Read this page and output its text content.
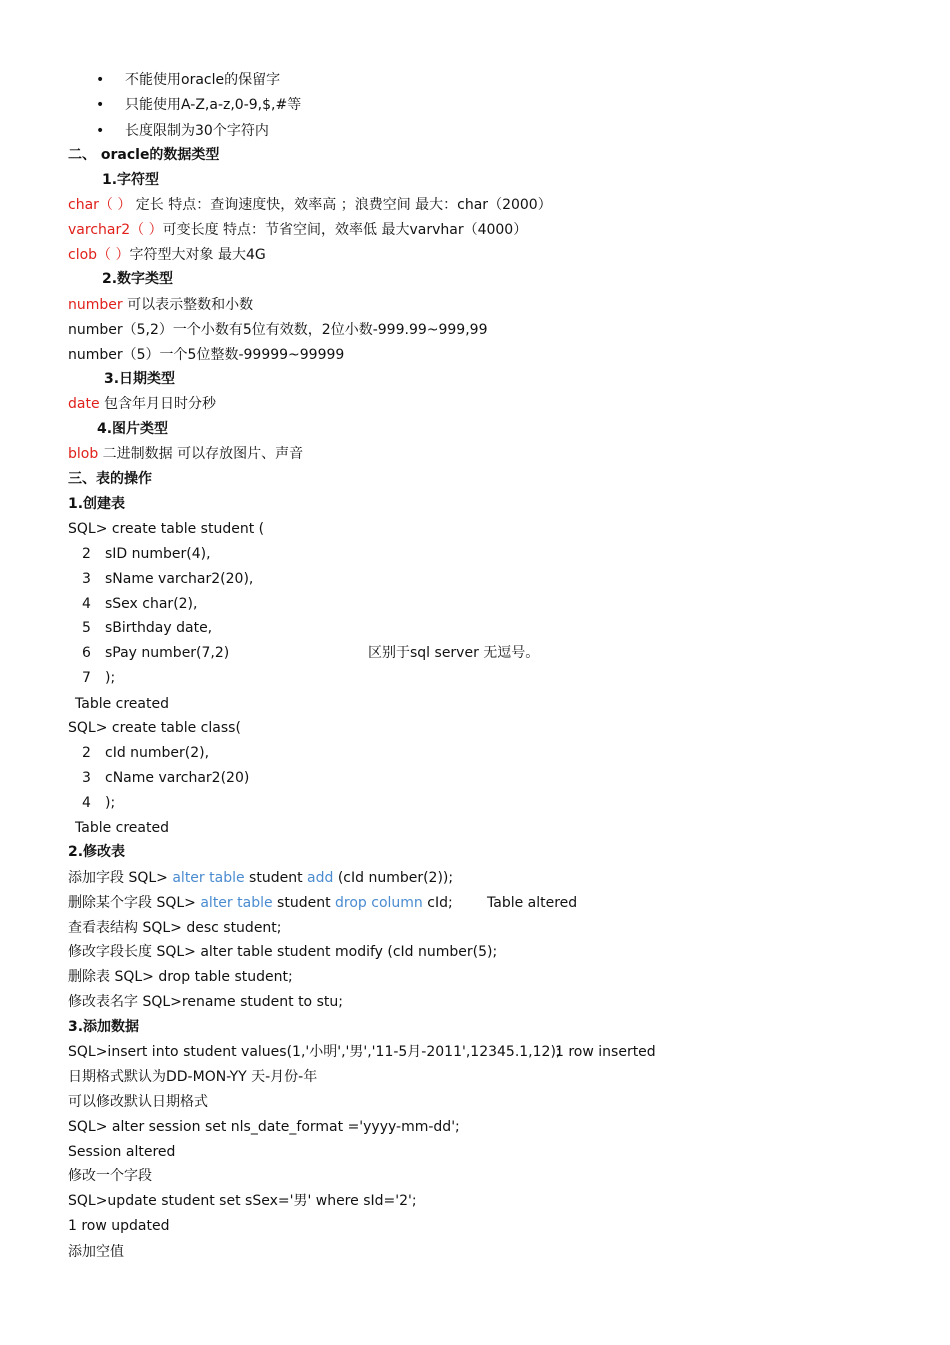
• 不能使用oracle的保留字
• 只能使用A-Z,a-z,0-9,$,#等
• 长度限制为30个字符内
二、 oracle的数据类型
1.字符型
char（ ） 定长 特点：查询速度快，效率高 ；浪费空间 最大：char（2000）
varchar2（ ）可变长度 特点：节省空间，效率低 最大varvhar（4000）
clob（ ）字符型大对象 最大4G
2.数字类型
number 可以表示整数和小数
number（5,2）一个小数有5位有效数，2位小数-999.99~999,99
number（5）一个5位整数-99999~99999
3.日期类型
date 包含年月日时分秒
4.图片类型
blob 二进制数据 可以存放图片、声音
三、表的操作
1.创建表
SQL> create table student (
2 sID number(4),
3 sName varchar2(20),
4 sSex char(2),
5 sBirthday date,
6 sPay number(7,2)	区别于sql server 无逗号。
7 );
Table created
SQL> create table class(
2 cId number(2),
3 cName varchar2(20)
4 );
Table created
2.修改表
添加字段 SQL> alter table student add (cId number(2));
删除某个字段 SQL> alter table student drop column cId; Table altered
查看表结构 SQL> desc student;
修改字段长度 SQL> alter table student modify (cId number(5);
删除表 SQL> drop table student;
修改表名字 SQL>rename student to stu;
3.添加数据
SQL>insert into student values(1,'小明','男','11-5月-2011',12345.1,12);
1 row inserted
日期格式默认为DD-MON-YY 天-月份-年
可以修改默认日期格式
SQL> alter session set nls_date_format ='yyyy-mm-dd';
Session altered
修改一个字段
SQL>update student set sSex='男' where sId='2';
1 row updated
添加空值
